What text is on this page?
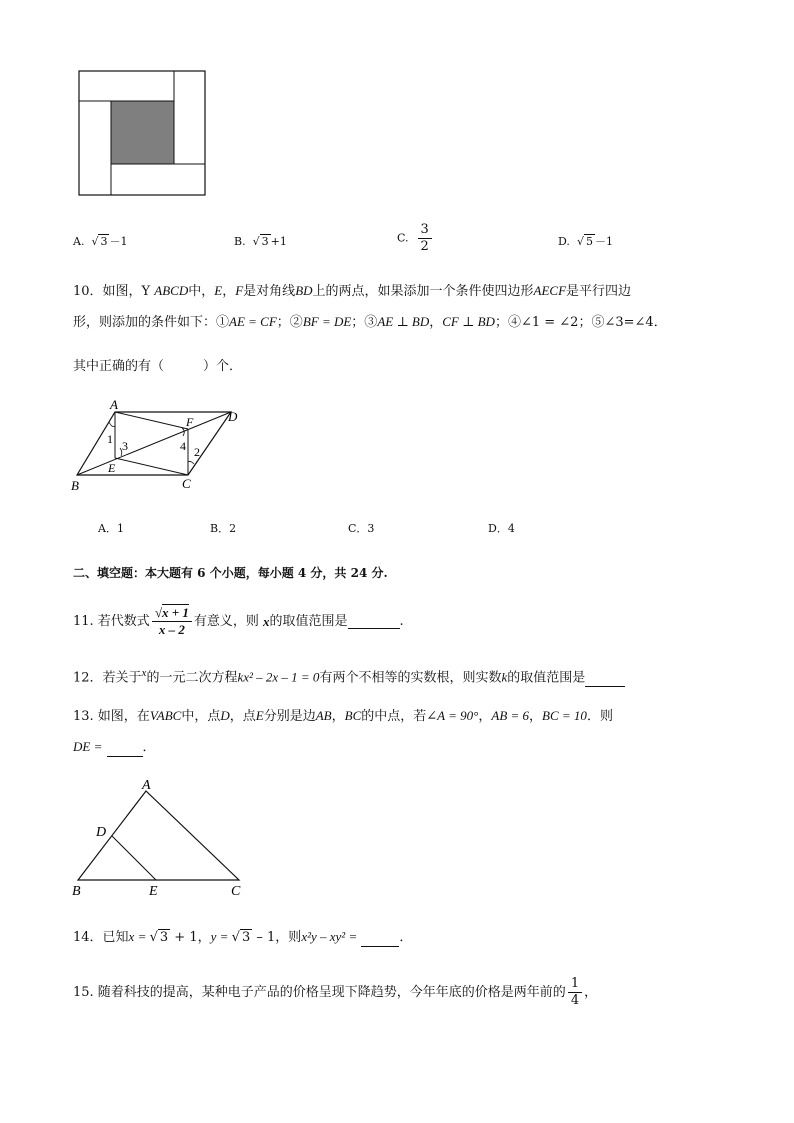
A. √ 3 －1	B. √ 3 +1	C. $\frac{3}{2}$	D. √ 5 －1
10．如图，Y ABCD中，E，F是对角线BD上的两点，如果添加一个条件使四边形AECF是平行四边
形，则添加的条件如下：①AE = CF；②BF = DE；③AE ⊥ BD，CF ⊥ BD；④∠1 = ∠2；⑤∠3=∠4．
其中正确的有（　　　）个．
A
D
B	C
E
F
1
2
3	4
A．1	B．2	C．3	D．4
二、填空题：本大题有 6 个小题，每小题 4 分，共 24 分.
11. 若代数式 $\frac{√x + 1}{x - 2}$ 有意义，则
x 的取值范围是	.
12．若关于$^x$的一元二次方程kx² – 2x – 1 = 0有两个不相等的实数根，则实数k的取值范围是
13. 如图，在VABC中，点D，点E分别是边AB，BC的中点，若∠A = 90°，AB = 6，BC = 10．则
DE =	．
A
D
B	E	C
14．已知x = √ 3 + 1，y = √ 3 – 1，则x²y – xy² =	．
15. 随着科技的提高，某种电子产品的价格呈现下降趋势，今年年底的价格是两年前的 $\frac{1}{4}$ ，
